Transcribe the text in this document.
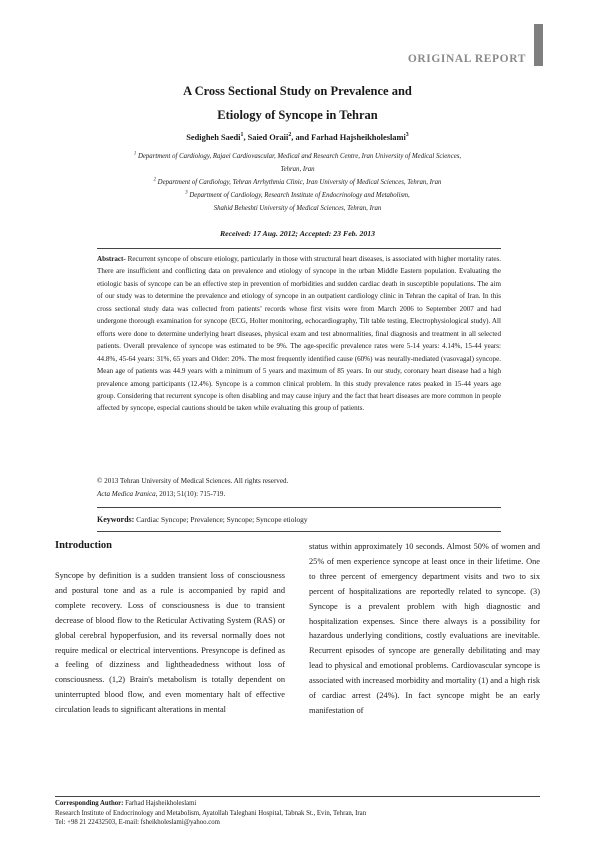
ORIGINAL REPORT
A Cross Sectional Study on Prevalence and
Etiology of Syncope in Tehran
Sedigheh Saedi$^1$, Saied Oraii$^2$, and Farhad Hajsheikholeslami$^3$
$^1$ Department of Cardiology, Rajaei Cardiovascular, Medical and Research Centre, Iran University of Medical Sciences,
Tehran, Iran
$^2$ Department of Cardiology, Tehran Arrhythmia Clinic, Iran University of Medical Sciences, Tehran, Iran
$^3$ Department of Cardiology, Research Institute of Endocrinology and Metabolism,
Shahid Beheshti University of Medical Sciences, Tehran, Iran
Received: 17 Aug. 2012; Accepted: 23 Feb. 2013
Abstract- Recurrent syncope of obscure etiology, particularly in those with structural heart diseases, is associated with higher mortality rates. There are insufficient and conflicting data on prevalence and etiology of syncope in the urban Middle Eastern population. Evaluating the etiologic basis of syncope can be an effective step in prevention of morbidities and sudden cardiac death in susceptible populations. The aim of our study was to determine the prevalence and etiology of syncope in an outpatient cardiology clinic in Tehran the capital of Iran. In this cross sectional study data was collected from patients’ records whose first visits were from March 2006 to September 2007 and had undergone thorough examination for syncope (ECG, Holter monitoring, echocardiography, Tilt table testing, Electrophysiological study). All efforts were done to determine underlying heart diseases, physical exam and test abnormalities, final diagnosis and treatment in all selected patients. Overall prevalence of syncope was estimated to be 9%. The age-specific prevalence rates were 5-14 years: 4.14%, 15-44 years: 44.8%, 45-64 years: 31%, 65 years and Older: 20%. The most frequently identified cause (60%) was neurally-mediated (vasovagal) syncope. Mean age of patients was 44.9 years with a minimum of 5 years and maximum of 85 years. In our study, coronary heart disease had a high prevalence among participants (12.4%). Syncope is a common clinical problem. In this study prevalence rates peaked in 15-44 years age group. Considering that recurrent syncope is often disabling and may cause injury and the fact that heart diseases are more common in people affected by syncope, especial cautions should be taken while evaluating this group of patients.
© 2013 Tehran University of Medical Sciences. All rights reserved.
Acta Medica Iranica, 2013; 51(10): 715-719.
Keywords: Cardiac Syncope; Prevalence; Syncope; Syncope etiology
Introduction
Syncope by definition is a sudden transient loss of consciousness and postural tone and as a rule is accompanied by rapid and complete recovery. Loss of consciousness is due to transient decrease of blood flow to the Reticular Activating System (RAS) or global cerebral hypoperfusion, and its reversal normally does not require medical or electrical interventions. Presyncope is defined as a feeling of dizziness and lightheadedness without loss of consciousness. (1,2) Brain's metabolism is totally dependent on uninterrupted blood flow, and even momentary halt of effective circulation leads to significant alterations in mental
status within approximately 10 seconds. Almost 50% of women and 25% of men experience syncope at least once in their lifetime. One to three percent of emergency department visits and two to six percent of hospitalizations are reportedly related to syncope. (3) Syncope is a prevalent problem with high diagnostic and hospitalization expenses. Since there always is a possibility for hazardous underlying conditions, costly evaluations are inevitable. Recurrent episodes of syncope are generally debilitating and may lead to physical and emotional problems. Cardiovascular syncope is associated with increased morbidity and mortality (1) and a high risk of cardiac arrest (24%). In fact syncope might be an early manifestation of
Corresponding Author: Farhad Hajsheikholeslami
Research Institute of Endocrinology and Metabolism, Ayatollah Taleghani Hospital, Tabnak St., Evin, Tehran, Iran
Tel: +98 21 22432503, E-mail: fsheikholeslami@yahoo.com
